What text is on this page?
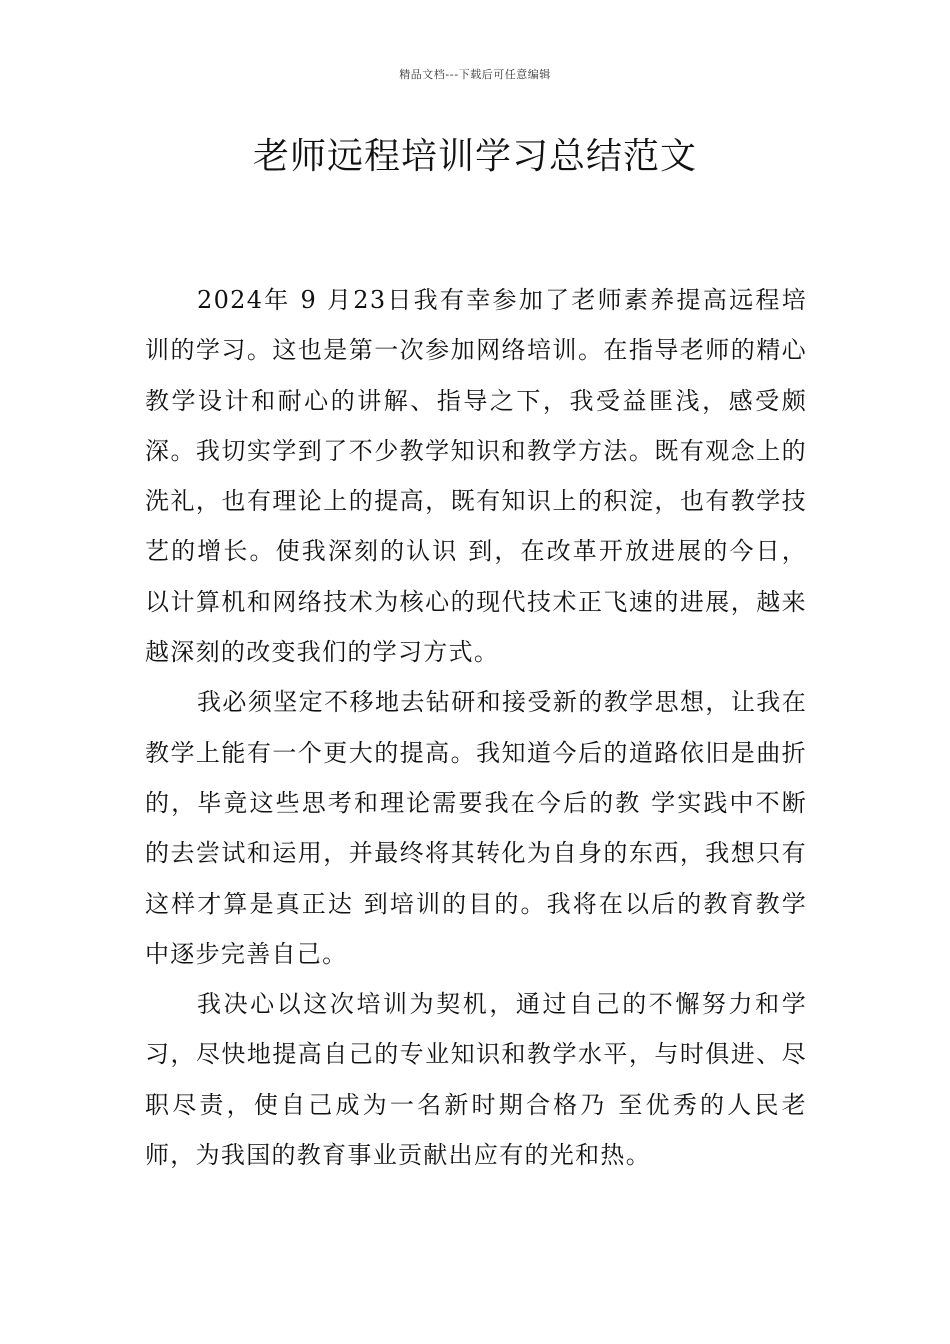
精品文档---下载后可任意编辑
老师远程培训学习总结范文

2024年 9 月23日我有幸参加了老师素养提高远程培训的学习。这也是第一次参加网络培训。在指导老师的精心教学设计和耐心的讲解、指导之下，我受益匪浅，感受颇深。我切实学到了不少教学知识和教学方法。既有观念上的洗礼，也有理论上的提高，既有知识上的积淀，也有教学技艺的增长。使我深刻的认识 到，在改革开放进展的今日，以计算机和网络技术为核心的现代技术正飞速的进展，越来越深刻的改变我们的学习方式。

我必须坚定不移地去钻研和接受新的教学思想，让我在教学上能有一个更大的提高。我知道今后的道路依旧是曲折的，毕竟这些思考和理论需要我在今后的教 学实践中不断的去尝试和运用，并最终将其转化为自身的东西，我想只有这样才算是真正达 到培训的目的。我将在以后的教育教学中逐步完善自己。

我决心以这次培训为契机，通过自己的不懈努力和学习，尽快地提高自己的专业知识和教学水平，与时俱进、尽职尽责，使自己成为一名新时期合格乃 至优秀的人民老师，为我国的教育事业贡献出应有的光和热。
